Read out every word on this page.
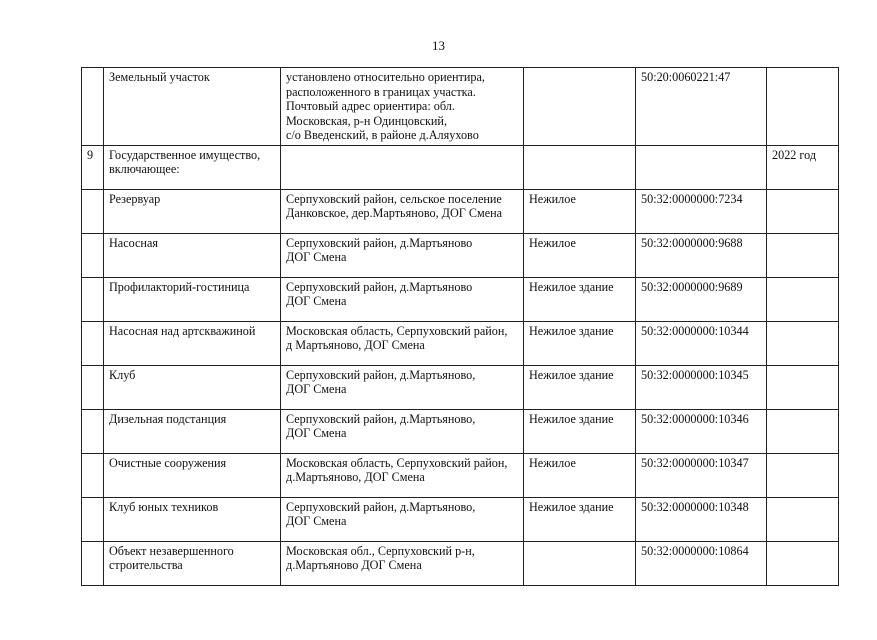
13
	Земельный участок	установлено относительно ориентира,
расположенного в границах участка.
Почтовый адрес ориентира: обл.
Московская, р-н Одинцовский,
с/о Введенский, в районе д.Аляухово		50:20:0060221:47	
9	Государственное имущество,
включающее:				2022 год

	Резервуар	Серпуховский район, сельское поселение
Данковское, дер.Мартьяново, ДОГ Смена	Нежилое	50:32:0000000:7234	

	Насосная	Серпуховский район, д.Мартьяново
ДОГ Смена	Нежилое	50:32:0000000:9688	

	Профилакторий-гостиница	Серпуховский район, д.Мартьяново
ДОГ Смена	Нежилое здание	50:32:0000000:9689	

	Насосная над артскважиной	Московская область, Серпуховский район,
д Мартьяново, ДОГ Смена	Нежилое здание	50:32:0000000:10344	

	Клуб	Серпуховский район, д.Мартьяново,
ДОГ Смена	Нежилое здание	50:32:0000000:10345	

	Дизельная подстанция	Серпуховский район, д.Мартьяново,
ДОГ Смена	Нежилое здание	50:32:0000000:10346	

	Очистные сооружения	Московская область, Серпуховский район,
д.Мартьяново, ДОГ Смена	Нежилое	50:32:0000000:10347	

	Клуб юных техников	Серпуховский район, д.Мартьяново,
ДОГ Смена	Нежилое здание	50:32:0000000:10348	

	Объект незавершенного
строительства	Московская обл., Серпуховский р-н,
д.Мартьяново ДОГ Смена		50:32:0000000:10864	
